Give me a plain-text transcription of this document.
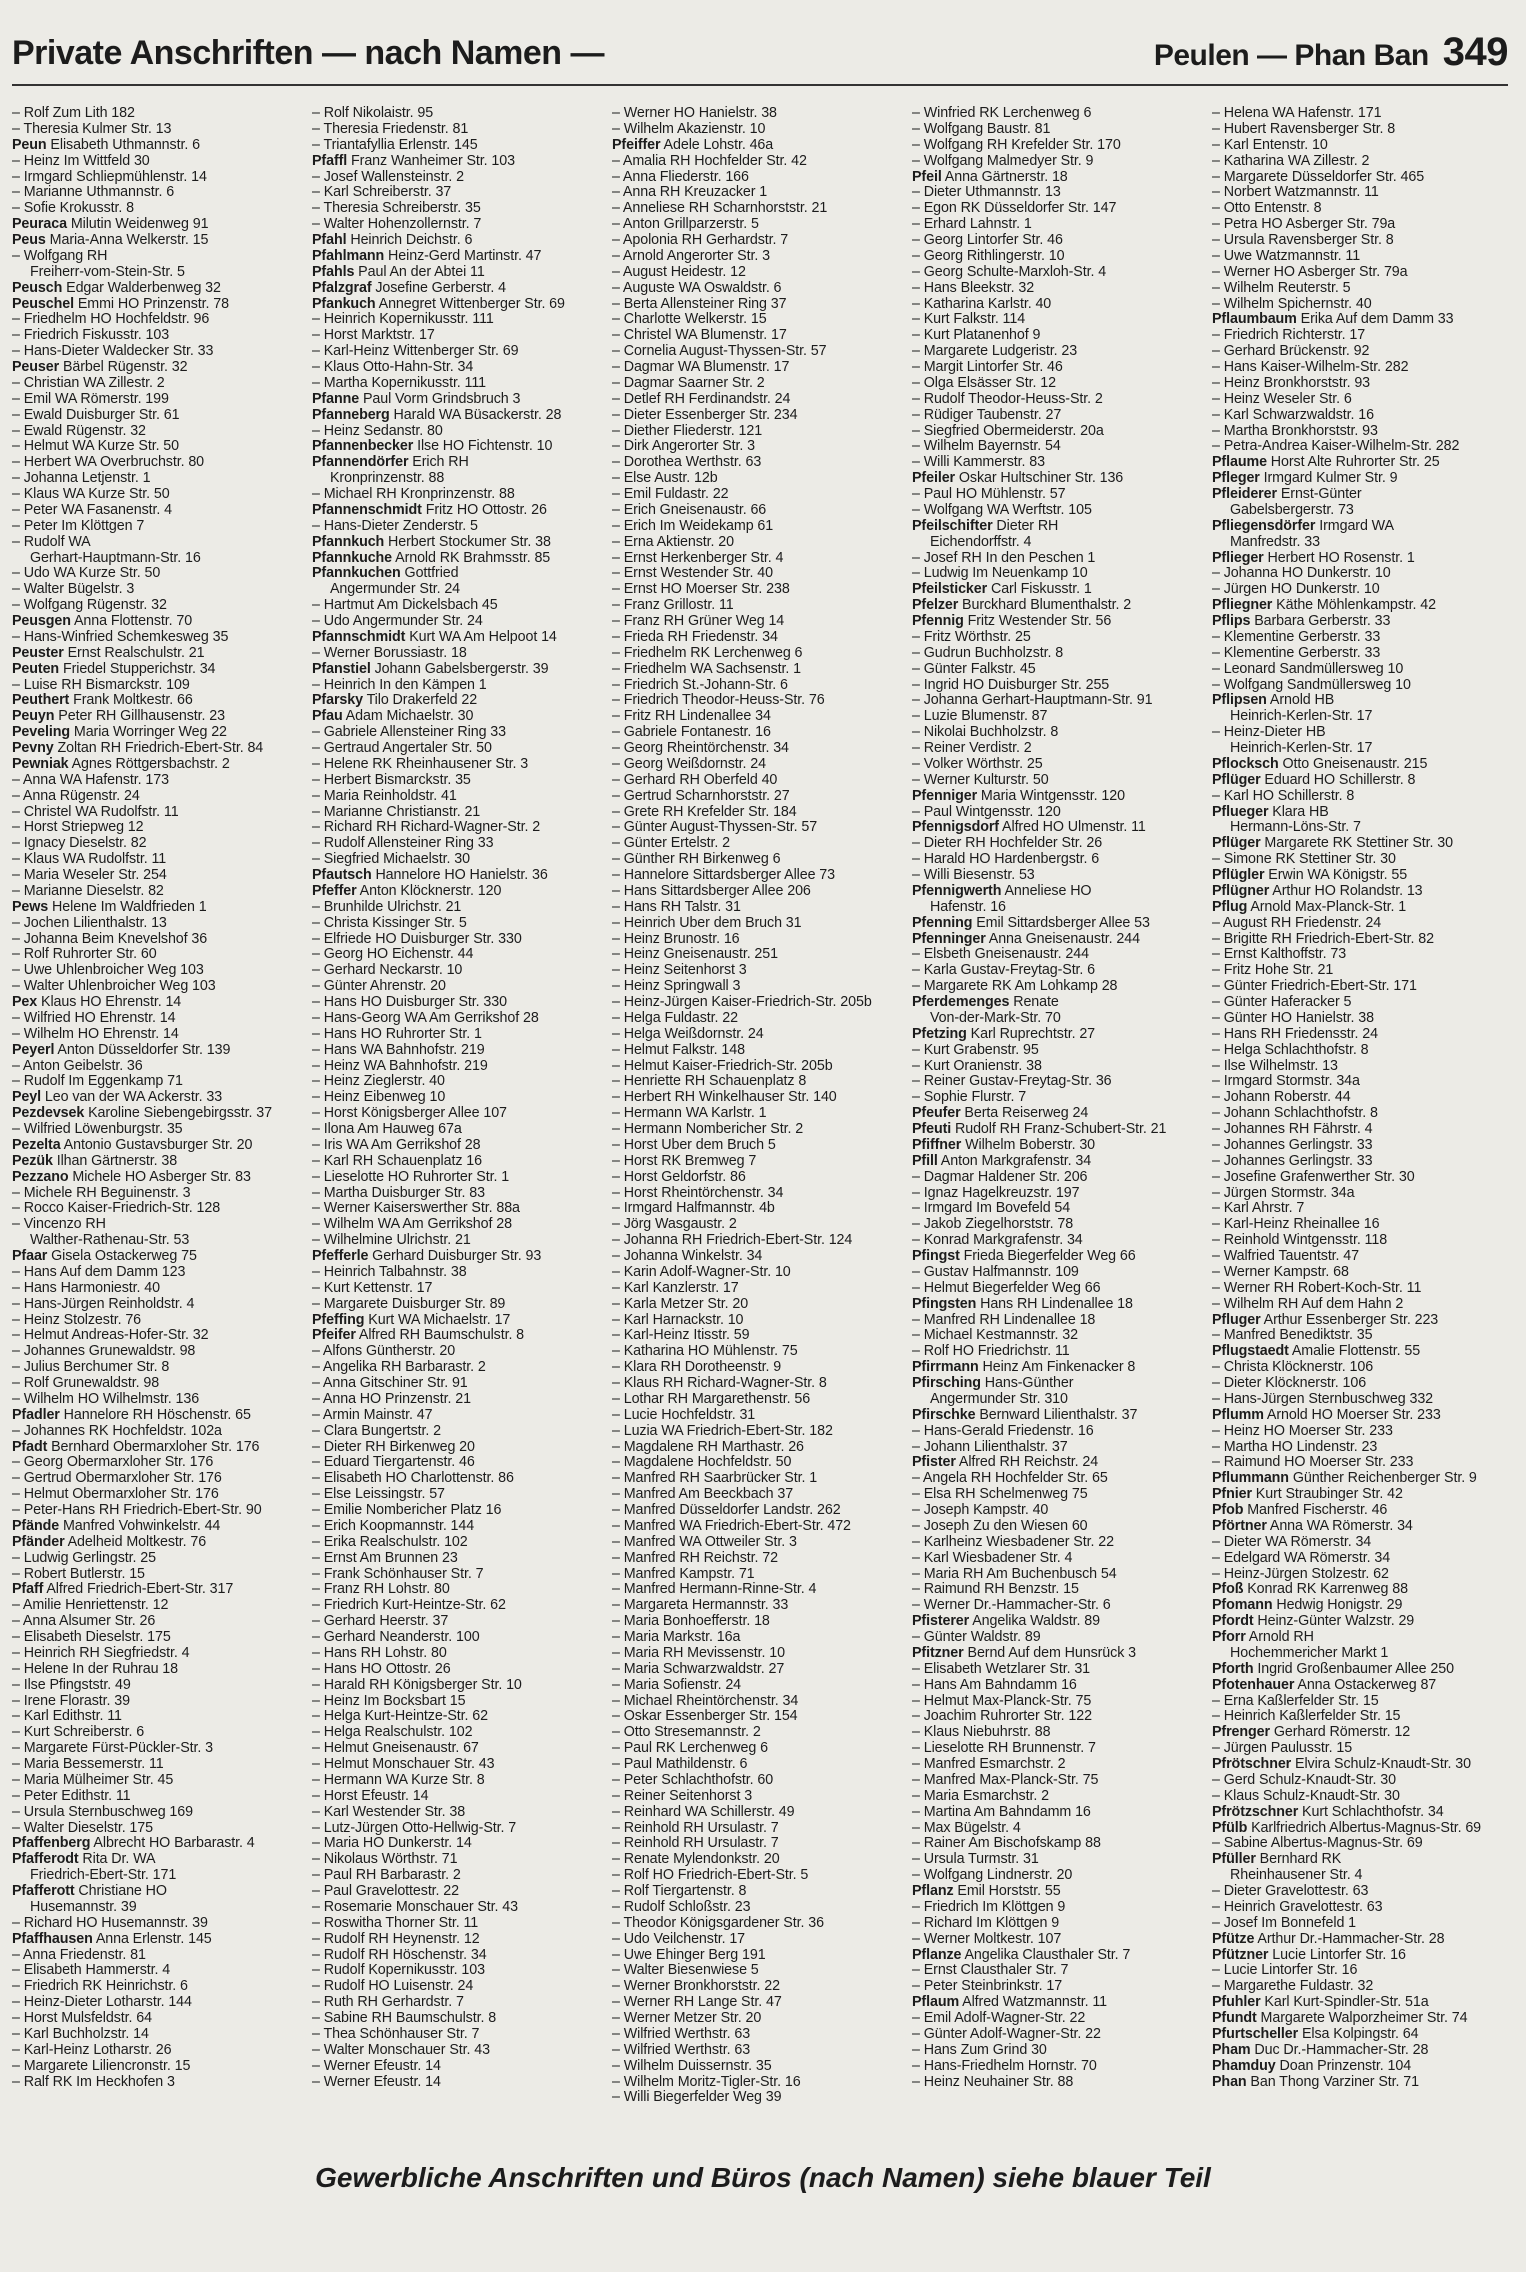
Private Anschriften — nach Namen —	Peulen — Phan Ban 349
– Rolf Zum Lith 182
– Theresia Kulmer Str. 13
Peun Elisabeth Uthmannstr. 6
– Heinz Im Wittfeld 30
– Irmgard Schliepmühlenstr. 14
– Marianne Uthmannstr. 6
– Sofie Krokusstr. 8
Peuraca Milutin Weidenweg 91
Peus Maria-Anna Welkerstr. 15
– Wolfgang RH
Freiherr-vom-Stein-Str. 5
Peusch Edgar Walderbenweg 32
Peuschel Emmi HO Prinzenstr. 78
– Friedhelm HO Hochfeldstr. 96
– Friedrich Fiskusstr. 103
– Hans-Dieter Waldecker Str. 33
Peuser Bärbel Rügenstr. 32
– Christian WA Zillestr. 2
– Emil WA Römerstr. 199
– Ewald Duisburger Str. 61
– Ewald Rügenstr. 32
– Helmut WA Kurze Str. 50
– Herbert WA Overbruchstr. 80
– Johanna Letjenstr. 1
– Klaus WA Kurze Str. 50
– Peter WA Fasanenstr. 4
– Peter Im Klöttgen 7
– Rudolf WA
Gerhart-Hauptmann-Str. 16
– Udo WA Kurze Str. 50
– Walter Bügelstr. 3
– Wolfgang Rügenstr. 32
Peusgen Anna Flottenstr. 70
– Hans-Winfried Schemkesweg 35
Peuster Ernst Realschulstr. 21
Peuten Friedel Stupperichstr. 34
– Luise RH Bismarckstr. 109
Peuthert Frank Moltkestr. 66
Peuyn Peter RH Gillhausenstr. 23
Peveling Maria Worringer Weg 22
Pevny Zoltan RH Friedrich-Ebert-Str. 84
Pewniak Agnes Röttgersbachstr. 2
– Anna WA Hafenstr. 173
– Anna Rügenstr. 24
– Christel WA Rudolfstr. 11
– Horst Striepweg 12
– Ignacy Dieselstr. 82
– Klaus WA Rudolfstr. 11
– Maria Weseler Str. 254
– Marianne Dieselstr. 82
Pews Helene Im Waldfrieden 1
– Jochen Lilienthalstr. 13
– Johanna Beim Knevelshof 36
– Rolf Ruhrorter Str. 60
– Uwe Uhlenbroicher Weg 103
– Walter Uhlenbroicher Weg 103
Pex Klaus HO Ehrenstr. 14
– Wilfried HO Ehrenstr. 14
– Wilhelm HO Ehrenstr. 14
Peyerl Anton Düsseldorfer Str. 139
– Anton Geibelstr. 36
– Rudolf Im Eggenkamp 71
Peyl Leo van der WA Ackerstr. 33
Pezdevsek Karoline Siebengebirgsstr. 37
– Wilfried Löwenburgstr. 35
Pezelta Antonio Gustavsburger Str. 20
Pezük Ilhan Gärtnerstr. 38
Pezzano Michele HO Asberger Str. 83
– Michele RH Beguinenstr. 3
– Rocco Kaiser-Friedrich-Str. 128
– Vincenzo RH
Walther-Rathenau-Str. 53
Pfaar Gisela Ostackerweg 75
– Hans Auf dem Damm 123
– Hans Harmoniestr. 40
– Hans-Jürgen Reinholdstr. 4
– Heinz Stolzestr. 76
– Helmut Andreas-Hofer-Str. 32
– Johannes Grunewaldstr. 98
– Julius Berchumer Str. 8
– Rolf Grunewaldstr. 98
– Wilhelm HO Wilhelmstr. 136
Pfadler Hannelore RH Höschenstr. 65
– Johannes RK Hochfeldstr. 102a
Pfadt Bernhard Obermarxloher Str. 176
– Georg Obermarxloher Str. 176
– Gertrud Obermarxloher Str. 176
– Helmut Obermarxloher Str. 176
– Peter-Hans RH Friedrich-Ebert-Str. 90
Pfände Manfred Vohwinkelstr. 44
Pfänder Adelheid Moltkestr. 76
– Ludwig Gerlingstr. 25
– Robert Butlerstr. 15
Pfaff Alfred Friedrich-Ebert-Str. 317
– Amilie Henriettenstr. 12
– Anna Alsumer Str. 26
– Elisabeth Dieselstr. 175
– Heinrich RH Siegfriedstr. 4
– Helene In der Ruhrau 18
– Ilse Pfingststr. 49
– Irene Florastr. 39
– Karl Edithstr. 11
– Kurt Schreiberstr. 6
– Margarete Fürst-Pückler-Str. 3
– Maria Bessemerstr. 11
– Maria Mülheimer Str. 45
– Peter Edithstr. 11
– Ursula Sternbuschweg 169
– Walter Dieselstr. 175
Pfaffenberg Albrecht HO Barbarastr. 4
Pfafferodt Rita Dr. WA
Friedrich-Ebert-Str. 171
Pfafferott Christiane HO
Husemannstr. 39
– Richard HO Husemannstr. 39
Pfaffhausen Anna Erlenstr. 145
– Anna Friedenstr. 81
– Elisabeth Hammerstr. 4
– Friedrich RK Heinrichstr. 6
– Heinz-Dieter Lotharstr. 144
– Horst Mulsfeldstr. 64
– Karl Buchholzstr. 14
– Karl-Heinz Lotharstr. 26
– Margarete Liliencronstr. 15
– Ralf RK Im Heckhofen 3
– Rolf Nikolaistr. 95
– Theresia Friedenstr. 81
– Triantafyllia Erlenstr. 145
Pfaffl Franz Wanheimer Str. 103
– Josef Wallensteinstr. 2
– Karl Schreiberstr. 37
– Theresia Schreiberstr. 35
– Walter Hohenzollernstr. 7
Pfahl Heinrich Deichstr. 6
Pfahlmann Heinz-Gerd Martinstr. 47
Pfahls Paul An der Abtei 11
Pfalzgraf Josefine Gerberstr. 4
Pfankuch Annegret Wittenberger Str. 69
– Heinrich Kopernikusstr. 111
– Horst Marktstr. 17
– Karl-Heinz Wittenberger Str. 69
– Klaus Otto-Hahn-Str. 34
– Martha Kopernikusstr. 111
Pfanne Paul Vorm Grindsbruch 3
Pfanneberg Harald WA Büsackerstr. 28
– Heinz Sedanstr. 80
Pfannenbecker Ilse HO Fichtenstr. 10
Pfannendörfer Erich RH
Kronprinzenstr. 88
– Michael RH Kronprinzenstr. 88
Pfannenschmidt Fritz HO Ottostr. 26
– Hans-Dieter Zenderstr. 5
Pfannkuch Herbert Stockumer Str. 38
Pfannkuche Arnold RK Brahmsstr. 85
Pfannkuchen Gottfried
Angermunder Str. 24
– Hartmut Am Dickelsbach 45
– Udo Angermunder Str. 24
Pfannschmidt Kurt WA Am Helpoot 14
– Werner Borussiastr. 18
Pfanstiel Johann Gabelsbergerstr. 39
– Heinrich In den Kämpen 1
Pfarsky Tilo Drakerfeld 22
Pfau Adam Michaelstr. 30
– Gabriele Allensteiner Ring 33
– Gertraud Angertaler Str. 50
– Helene RK Rheinhausener Str. 3
– Herbert Bismarckstr. 35
– Maria Reinholdstr. 41
– Marianne Christianstr. 21
– Richard RH Richard-Wagner-Str. 2
– Rudolf Allensteiner Ring 33
– Siegfried Michaelstr. 30
Pfautsch Hannelore HO Hanielstr. 36
Pfeffer Anton Klöcknerstr. 120
– Brunhilde Ulrichstr. 21
– Christa Kissinger Str. 5
– Elfriede HO Duisburger Str. 330
– Georg HO Eichenstr. 44
– Gerhard Neckarstr. 10
– Günter Ahrenstr. 20
– Hans HO Duisburger Str. 330
– Hans-Georg WA Am Gerrikshof 28
– Hans HO Ruhrorter Str. 1
– Hans WA Bahnhofstr. 219
– Heinz WA Bahnhofstr. 219
– Heinz Zieglerstr. 40
– Heinz Eibenweg 10
– Horst Königsberger Allee 107
– Ilona Am Hauweg 67a
– Iris WA Am Gerrikshof 28
– Karl RH Schauenplatz 16
– Lieselotte HO Ruhrorter Str. 1
– Martha Duisburger Str. 83
– Werner Kaiserswerther Str. 88a
– Wilhelm WA Am Gerrikshof 28
– Wilhelmine Ulrichstr. 21
Pfefferle Gerhard Duisburger Str. 93
– Heinrich Talbahnstr. 38
– Kurt Kettenstr. 17
– Margarete Duisburger Str. 89
Pfeffing Kurt WA Michaelstr. 17
Pfeifer Alfred RH Baumschulstr. 8
– Alfons Güntherstr. 20
– Angelika RH Barbarastr. 2
– Anna Gitschiner Str. 91
– Anna HO Prinzenstr. 21
– Armin Mainstr. 47
– Clara Bungertstr. 2
– Dieter RH Birkenweg 20
– Eduard Tiergartenstr. 46
– Elisabeth HO Charlottenstr. 86
– Else Leissingstr. 57
– Emilie Nombericher Platz 16
– Erich Koopmannstr. 144
– Erika Realschulstr. 102
– Ernst Am Brunnen 23
– Frank Schönhauser Str. 7
– Franz RH Lohstr. 80
– Friedrich Kurt-Heintze-Str. 62
– Gerhard Heerstr. 37
– Gerhard Neanderstr. 100
– Hans RH Lohstr. 80
– Hans HO Ottostr. 26
– Harald RH Königsberger Str. 10
– Heinz Im Bocksbart 15
– Helga Kurt-Heintze-Str. 62
– Helga Realschulstr. 102
– Helmut Gneisenaustr. 67
– Helmut Monschauer Str. 43
– Hermann WA Kurze Str. 8
– Horst Efeustr. 14
– Karl Westender Str. 38
– Lutz-Jürgen Otto-Hellwig-Str. 7
– Maria HO Dunkerstr. 14
– Nikolaus Wörthstr. 71
– Paul RH Barbarastr. 2
– Paul Gravelottestr. 22
– Rosemarie Monschauer Str. 43
– Roswitha Thorner Str. 11
– Rudolf RH Heynenstr. 12
– Rudolf RH Höschenstr. 34
– Rudolf Kopernikusstr. 103
– Rudolf HO Luisenstr. 24
– Ruth RH Gerhardstr. 7
– Sabine RH Baumschulstr. 8
– Thea Schönhauser Str. 7
– Walter Monschauer Str. 43
– Werner Efeustr. 14
– Werner Efeustr. 14
– Werner HO Hanielstr. 38
– Wilhelm Akazienstr. 10
Pfeiffer Adele Lohstr. 46a
– Amalia RH Hochfelder Str. 42
– Anna Fliederstr. 166
– Anna RH Kreuzacker 1
– Anneliese RH Scharnhorststr. 21
– Anton Grillparzerstr. 5
– Apolonia RH Gerhardstr. 7
– Arnold Angerorter Str. 3
– August Heidestr. 12
– Auguste WA Oswaldstr. 6
– Berta Allensteiner Ring 37
– Charlotte Welkerstr. 15
– Christel WA Blumenstr. 17
– Cornelia August-Thyssen-Str. 57
– Dagmar WA Blumenstr. 17
– Dagmar Saarner Str. 2
– Detlef RH Ferdinandstr. 24
– Dieter Essenberger Str. 234
– Diether Fliederstr. 121
– Dirk Angerorter Str. 3
– Dorothea Werthstr. 63
– Else Austr. 12b
– Emil Fuldastr. 22
– Erich Gneisenaustr. 66
– Erich Im Weidekamp 61
– Erna Aktienstr. 20
– Ernst Herkenberger Str. 4
– Ernst Westender Str. 40
– Ernst HO Moerser Str. 238
– Franz Grillostr. 11
– Franz RH Grüner Weg 14
– Frieda RH Friedenstr. 34
– Friedhelm RK Lerchenweg 6
– Friedhelm WA Sachsenstr. 1
– Friedrich St.-Johann-Str. 6
– Friedrich Theodor-Heuss-Str. 76
– Fritz RH Lindenallee 34
– Gabriele Fontanestr. 16
– Georg Rheintörchenstr. 34
– Georg Weißdornstr. 24
– Gerhard RH Oberfeld 40
– Gertrud Scharnhorststr. 27
– Grete RH Krefelder Str. 184
– Günter August-Thyssen-Str. 57
– Günter Ertelstr. 2
– Günther RH Birkenweg 6
– Hannelore Sittardsberger Allee 73
– Hans Sittardsberger Allee 206
– Hans RH Talstr. 31
– Heinrich Über dem Bruch 31
– Heinz Brunostr. 16
– Heinz Gneisenaustr. 251
– Heinz Seitenhorst 3
– Heinz Springwall 3
– Heinz-Jürgen Kaiser-Friedrich-Str. 205b
– Helga Fuldastr. 22
– Helga Weißdornstr. 24
– Helmut Falkstr. 148
– Helmut Kaiser-Friedrich-Str. 205b
– Henriette RH Schauenplatz 8
– Herbert RH Winkelhauser Str. 140
– Hermann WA Karlstr. 1
– Hermann Nombericher Str. 2
– Horst Über dem Bruch 5
– Horst RK Bremweg 7
– Horst Geldorfstr. 86
– Horst Rheintörchenstr. 34
– Irmgard Halfmannstr. 4b
– Jörg Wasgaustr. 2
– Johanna RH Friedrich-Ebert-Str. 124
– Johanna Winkelstr. 34
– Karin Adolf-Wagner-Str. 10
– Karl Kanzlerstr. 17
– Karla Metzer Str. 20
– Karl Harnackstr. 10
– Karl-Heinz Itisstr. 59
– Katharina HO Mühlenstr. 75
– Klara RH Dorotheenstr. 9
– Klaus RH Richard-Wagner-Str. 8
– Lothar RH Margarethenstr. 56
– Lucie Hochfeldstr. 31
– Luzia WA Friedrich-Ebert-Str. 182
– Magdalene RH Marthastr. 26
– Magdalene Hochfeldstr. 50
– Manfred RH Saarbrücker Str. 1
– Manfred Am Beeckbach 37
– Manfred Düsseldorfer Landstr. 262
– Manfred WA Friedrich-Ebert-Str. 472
– Manfred WA Ottweiler Str. 3
– Manfred RH Reichstr. 72
– Manfred Kampstr. 71
– Manfred Hermann-Rinne-Str. 4
– Margareta Hermannstr. 33
– Maria Bonhoefferstr. 18
– Maria Markstr. 16a
– Maria RH Mevissenstr. 10
– Maria Schwarzwaldstr. 27
– Maria Sofienstr. 24
– Michael Rheintörchenstr. 34
– Oskar Essenberger Str. 154
– Otto Stresemannstr. 2
– Paul RK Lerchenweg 6
– Paul Mathildenstr. 6
– Peter Schlachthofstr. 60
– Reiner Seitenhorst 3
– Reinhard WA Schillerstr. 49
– Reinhold RH Ursulastr. 7
– Reinhold RH Ursulastr. 7
– Renate Mylendonkstr. 20
– Rolf HO Friedrich-Ebert-Str. 5
– Rolf Tiergartenstr. 8
– Rudolf Schloßstr. 23
– Theodor Königsgardener Str. 36
– Udo Veilchenstr. 17
– Uwe Ehinger Berg 191
– Walter Biesenwiese 5
– Werner Bronkhorststr. 22
– Werner RH Lange Str. 47
– Werner Metzer Str. 20
– Wilfried Werthstr. 63
– Wilfried Werthstr. 63
– Wilhelm Duissernstr. 35
– Wilhelm Moritz-Tigler-Str. 16
– Willi Biegerfelder Weg 39
– Winfried RK Lerchenweg 6
– Wolfgang Baustr. 81
– Wolfgang RH Krefelder Str. 170
– Wolfgang Malmedyer Str. 9
Pfeil Anna Gärtnerstr. 18
– Dieter Uthmannstr. 13
– Egon RK Düsseldorfer Str. 147
– Erhard Lahnstr. 1
– Georg Lintorfer Str. 46
– Georg Rithlingerstr. 10
– Georg Schulte-Marxloh-Str. 4
– Hans Bleekstr. 32
– Katharina Karlstr. 40
– Kurt Falkstr. 114
– Kurt Platanenhof 9
– Margarete Ludgeristr. 23
– Margit Lintorfer Str. 46
– Olga Elsässer Str. 12
– Rudolf Theodor-Heuss-Str. 2
– Rüdiger Taubenstr. 27
– Siegfried Obermeiderstr. 20a
– Wilhelm Bayernstr. 54
– Willi Kammerstr. 83
Pfeiler Oskar Hultschiner Str. 136
– Paul HO Mühlenstr. 57
– Wolfgang WA Werftstr. 105
Pfeilschifter Dieter RH
Eichendorffstr. 4
– Josef RH In den Peschen 1
– Ludwig Im Neuenkamp 10
Pfeilsticker Carl Fiskusstr. 1
Pfelzer Burckhard Blumenthalstr. 2
Pfennig Fritz Westender Str. 56
– Fritz Wörthstr. 25
– Gudrun Buchholzstr. 8
– Günter Falkstr. 45
– Ingrid HO Duisburger Str. 255
– Johanna Gerhart-Hauptmann-Str. 91
– Luzie Blumenstr. 87
– Nikolai Buchholzstr. 8
– Reiner Verdistr. 2
– Volker Wörthstr. 25
– Werner Kulturstr. 50
Pfenniger Maria Wintgensstr. 120
– Paul Wintgensstr. 120
Pfennigsdorf Alfred HO Ulmenstr. 11
– Dieter RH Hochfelder Str. 26
– Harald HO Hardenbergstr. 6
– Willi Biesenstr. 53
Pfennigwerth Anneliese HO
Hafenstr. 16
Pfenning Emil Sittardsberger Allee 53
Pfenninger Anna Gneisenaustr. 244
– Elsbeth Gneisenaustr. 244
– Karla Gustav-Freytag-Str. 6
– Margarete RK Am Lohkamp 28
Pferdemenges Renate
Von-der-Mark-Str. 70
Pfetzing Karl Ruprechtstr. 27
– Kurt Grabenstr. 95
– Kurt Oranienstr. 38
– Reiner Gustav-Freytag-Str. 36
– Sophie Flurstr. 7
Pfeufer Berta Reiserweg 24
Pfeuti Rudolf RH Franz-Schubert-Str. 21
Pfiffner Wilhelm Boberstr. 30
Pfill Anton Markgrafenstr. 34
– Dagmar Haldener Str. 206
– Ignaz Hagelkreuzstr. 197
– Irmgard Im Bovefeld 54
– Jakob Ziegelhorststr. 78
– Konrad Markgrafenstr. 34
Pfingst Frieda Biegerfelder Weg 66
– Gustav Halfmannstr. 109
– Helmut Biegerfelder Weg 66
Pfingsten Hans RH Lindenallee 18
– Manfred RH Lindenallee 18
– Michael Kestmannstr. 32
– Rolf HO Friedrichstr. 11
Pfirrmann Heinz Am Finkenacker 8
Pfirsching Hans-Günther
Angermunder Str. 310
Pfirschke Bernward Lilienthalstr. 37
– Hans-Gerald Friedenstr. 16
– Johann Lilienthalstr. 37
Pfister Alfred RH Reichstr. 24
– Angela RH Hochfelder Str. 65
– Elsa RH Schelmenweg 75
– Joseph Kampstr. 40
– Joseph Zu den Wiesen 60
– Karlheinz Wiesbadener Str. 22
– Karl Wiesbadener Str. 4
– Maria RH Am Buchenbusch 54
– Raimund RH Benzstr. 15
– Werner Dr.-Hammacher-Str. 6
Pfisterer Angelika Waldstr. 89
– Günter Waldstr. 89
Pfitzner Bernd Auf dem Hunsrück 3
– Elisabeth Wetzlarer Str. 31
– Hans Am Bahndamm 16
– Helmut Max-Planck-Str. 75
– Joachim Ruhrorter Str. 122
– Klaus Niebuhrstr. 88
– Lieselotte RH Brunnenstr. 7
– Manfred Esmarchstr. 2
– Manfred Max-Planck-Str. 75
– Maria Esmarchstr. 2
– Martina Am Bahndamm 16
– Max Bügelstr. 4
– Rainer Am Bischofskamp 88
– Ursula Turmstr. 31
– Wolfgang Lindnerstr. 20
Pflanz Emil Horststr. 55
– Friedrich Im Klöttgen 9
– Richard Im Klöttgen 9
– Werner Moltkestr. 107
Pflanze Angelika Clausthaler Str. 7
– Ernst Clausthaler Str. 7
– Peter Steinbrinkstr. 17
Pflaum Alfred Watzmannstr. 11
– Emil Adolf-Wagner-Str. 22
– Günter Adolf-Wagner-Str. 22
– Hans Zum Grind 30
– Hans-Friedhelm Hornstr. 70
– Heinz Neuhainer Str. 88
– Helena WA Hafenstr. 171
– Hubert Ravensberger Str. 8
– Karl Entenstr. 10
– Katharina WA Zillestr. 2
– Margarete Düsseldorfer Str. 465
– Norbert Watzmannstr. 11
– Otto Entenstr. 8
– Petra HO Asberger Str. 79a
– Ursula Ravensberger Str. 8
– Uwe Watzmannstr. 11
– Werner HO Asberger Str. 79a
– Wilhelm Reuterstr. 5
– Wilhelm Spichernstr. 40
Pflaumbaum Erika Auf dem Damm 33
– Friedrich Richterstr. 17
– Gerhard Brückenstr. 92
– Hans Kaiser-Wilhelm-Str. 282
– Heinz Bronkhorststr. 93
– Heinz Weseler Str. 6
– Karl Schwarzwaldstr. 16
– Martha Bronkhorststr. 93
– Petra-Andrea Kaiser-Wilhelm-Str. 282
Pflaume Horst Alte Ruhrorter Str. 25
Pfleger Irmgard Kulmer Str. 9
Pfleiderer Ernst-Günter
Gabelsbergerstr. 73
Pfliegensdörfer Irmgard WA
Manfredstr. 33
Pflieger Herbert HO Rosenstr. 1
– Johanna HO Dunkerstr. 10
– Jürgen HO Dunkerstr. 10
Pfliegner Käthe Möhlenkampstr. 42
Pflips Barbara Gerberstr. 33
– Klementine Gerberstr. 33
– Klementine Gerberstr. 33
– Leonard Sandmüllersweg 10
– Wolfgang Sandmüllersweg 10
Pflipsen Arnold HB
Heinrich-Kerlen-Str. 17
– Heinz-Dieter HB
Heinrich-Kerlen-Str. 17
Pflocksch Otto Gneisenaustr. 215
Pflüger Eduard HO Schillerstr. 8
– Karl HO Schillerstr. 8
Pflueger Klara HB
Hermann-Löns-Str. 7
Pflüger Margarete RK Stettiner Str. 30
– Simone RK Stettiner Str. 30
Pflügler Erwin WA Königstr. 55
Pflügner Arthur HO Rolandstr. 13
Pflug Arnold Max-Planck-Str. 1
– August RH Friedenstr. 24
– Brigitte RH Friedrich-Ebert-Str. 82
– Ernst Kalthoffstr. 73
– Fritz Hohe Str. 21
– Günter Friedrich-Ebert-Str. 171
– Günter Haferacker 5
– Günter HO Hanielstr. 38
– Hans RH Friedensstr. 24
– Helga Schlachthofstr. 8
– Ilse Wilhelmstr. 13
– Irmgard Stormstr. 34a
– Johann Roberstr. 44
– Johann Schlachthofstr. 8
– Johannes RH Fährstr. 4
– Johannes Gerlingstr. 33
– Johannes Gerlingstr. 33
– Josefine Grafenwerther Str. 30
– Jürgen Stormstr. 34a
– Karl Ahrstr. 7
– Karl-Heinz Rheinallee 16
– Reinhold Wintgensstr. 118
– Walfried Tauentstr. 47
– Werner Kampstr. 68
– Werner RH Robert-Koch-Str. 11
– Wilhelm RH Auf dem Hahn 2
Pfluger Arthur Essenberger Str. 223
– Manfred Benediktstr. 35
Pflugstaedt Amalie Flottenstr. 55
– Christa Klöcknerstr. 106
– Dieter Klöcknerstr. 106
– Hans-Jürgen Sternbuschweg 332
Pflumm Arnold HO Moerser Str. 233
– Heinz HO Moerser Str. 233
– Martha HO Lindenstr. 23
– Raimund HO Moerser Str. 233
Pflummann Günther Reichenberger Str. 9
Pfnier Kurt Straubinger Str. 42
Pfob Manfred Fischerstr. 46
Pförtner Anna WA Römerstr. 34
– Dieter WA Römerstr. 34
– Edelgard WA Römerstr. 34
– Heinz-Jürgen Stolzestr. 62
Pfoß Konrad RK Karrenweg 88
Pfomann Hedwig Honigstr. 29
Pfordt Heinz-Günter Walzstr. 29
Pforr Arnold RH
Hochemmericher Markt 1
Pforth Ingrid Großenbaumer Allee 250
Pfotenhauer Anna Ostackerweg 87
– Erna Kaßlerfelder Str. 15
– Heinrich Kaßlerfelder Str. 15
Pfrenger Gerhard Römerstr. 12
– Jürgen Paulusstr. 15
Pfrötschner Elvira Schulz-Knaudt-Str. 30
– Gerd Schulz-Knaudt-Str. 30
– Klaus Schulz-Knaudt-Str. 30
Pfrötzschner Kurt Schlachthofstr. 34
Pfülb Karlfriedrich Albertus-Magnus-Str. 69
– Sabine Albertus-Magnus-Str. 69
Pfüller Bernhard RK
Rheinhausener Str. 4
– Dieter Gravelottestr. 63
– Heinrich Gravelottestr. 63
– Josef Im Bonnefeld 1
Pfütze Arthur Dr.-Hammacher-Str. 28
Pfützner Lucie Lintorfer Str. 16
– Lucie Lintorfer Str. 16
– Margarethe Fuldastr. 32
Pfuhler Karl Kurt-Spindler-Str. 51a
Pfundt Margarete Walporzheimer Str. 74
Pfurtscheller Elsa Kolpingstr. 64
Pham Duc Dr.-Hammacher-Str. 28
Phamduy Doan Prinzenstr. 104
Phan Ban Thong Varziner Str. 71
Gewerbliche Anschriften und Büros (nach Namen) siehe blauer Teil
